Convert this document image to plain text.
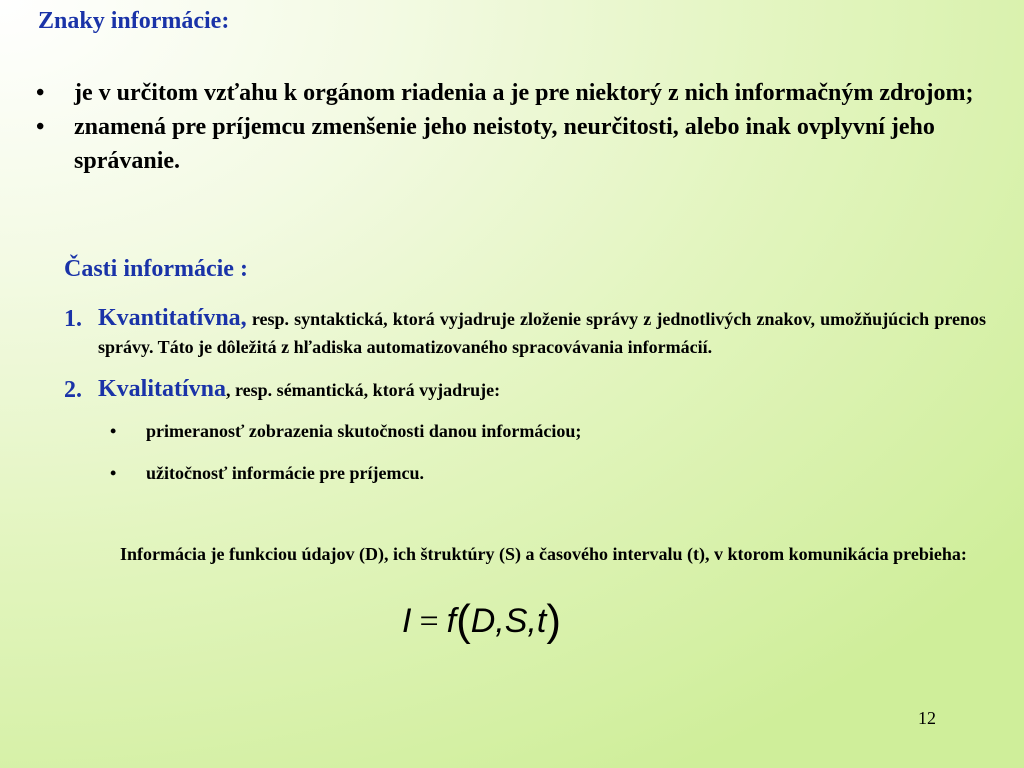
Znaky informácie:
•	je v určitom vzťahu k orgánom riadenia a je pre niektorý z nich informačným zdrojom;
•	znamená pre príjemcu zmenšenie jeho neistoty, neurčitosti, alebo inak ovplyvní jeho správanie.
Časti informácie :
1. Kvantitatívna, resp. syntaktická, ktorá vyjadruje zloženie správy z jednotlivých znakov, umožňujúcich prenos správy. Táto je dôležitá z hľadiska automatizovaného spracovávania informácií.
2. Kvalitatívna, resp. sémantická, ktorá vyjadruje:
•	primeranosť zobrazenia skutočnosti danou informáciou;
•	užitočnosť informácie pre príjemcu.
Informácia je funkciou údajov (D), ich štruktúry (S) a časového intervalu (t), v ktorom komunikácia prebieha:
I = f(D,S,t)
12
